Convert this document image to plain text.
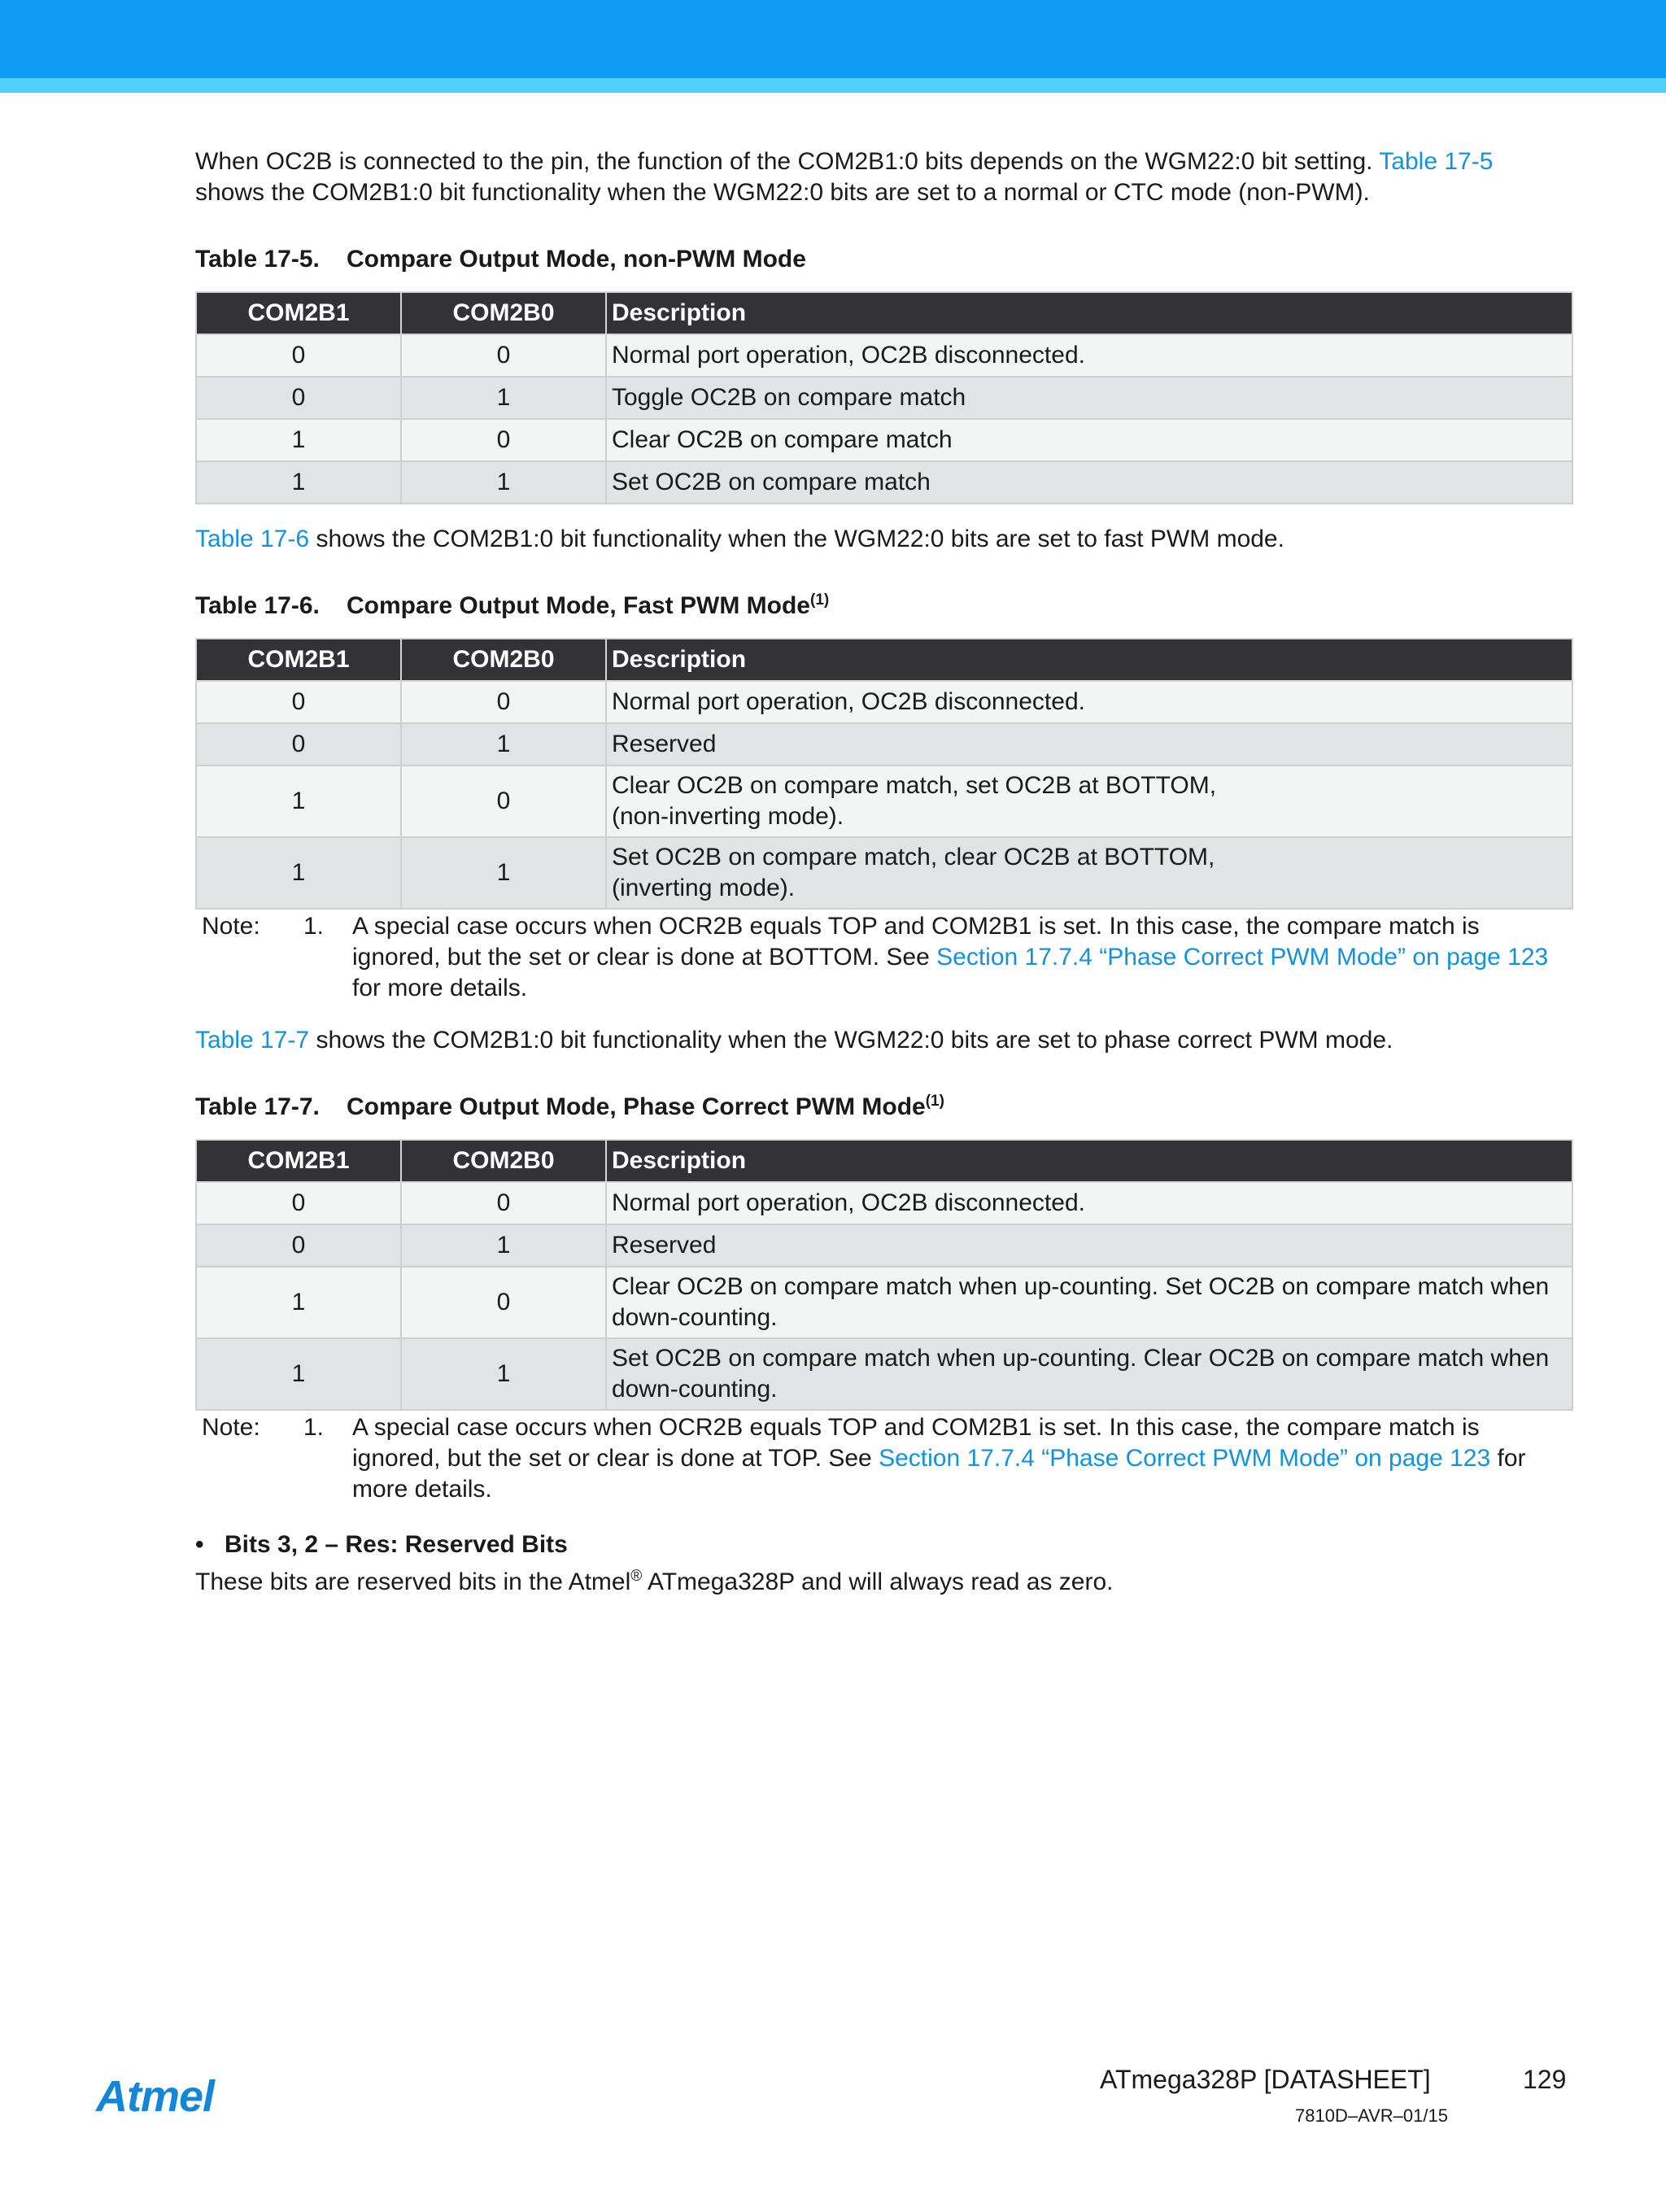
When OC2B is connected to the pin, the function of the COM2B1:0 bits depends on the WGM22:0 bit setting. Table 17-5
shows the COM2B1:0 bit functionality when the WGM22:0 bits are set to a normal or CTC mode (non-PWM).

Table 17-5. Compare Output Mode, non-PWM Mode

COM2B1	COM2B0	Description
0	0	Normal port operation, OC2B disconnected.
0	1	Toggle OC2B on compare match
1	0	Clear OC2B on compare match
1	1	Set OC2B on compare match

Table 17-6 shows the COM2B1:0 bit functionality when the WGM22:0 bits are set to fast PWM mode.

Table 17-6. Compare Output Mode, Fast PWM Mode$^{(1)}$

COM2B1	COM2B0	Description
0	0	Normal port operation, OC2B disconnected.
0	1	Reserved
1	0	Clear OC2B on compare match, set OC2B at BOTTOM,
(non-inverting mode).
1	1	Set OC2B on compare match, clear OC2B at BOTTOM,
(inverting mode).
Note:	1.	A special case occurs when OCR2B equals TOP and COM2B1 is set. In this case, the compare match is ignored, but the set or clear is done at BOTTOM. See Section 17.7.4 “Phase Correct PWM Mode” on page 123 for more details.

Table 17-7 shows the COM2B1:0 bit functionality when the WGM22:0 bits are set to phase correct PWM mode.

Table 17-7. Compare Output Mode, Phase Correct PWM Mode$^{(1)}$

COM2B1	COM2B0	Description
0	0	Normal port operation, OC2B disconnected.
0	1	Reserved
1	0	Clear OC2B on compare match when up-counting. Set OC2B on compare match when
down-counting.
1	1	Set OC2B on compare match when up-counting. Clear OC2B on compare match when
down-counting.
Note:	1.	A special case occurs when OCR2B equals TOP and COM2B1 is set. In this case, the compare match is ignored, but the set or clear is done at TOP. See Section 17.7.4 “Phase Correct PWM Mode” on page 123 for more details.

• Bits 3, 2 – Res: Reserved Bits

These bits are reserved bits in the Atmel® ATmega328P and will always read as zero.

Atmel	ATmega328P [DATASHEET]	129
7810D–AVR–01/15
